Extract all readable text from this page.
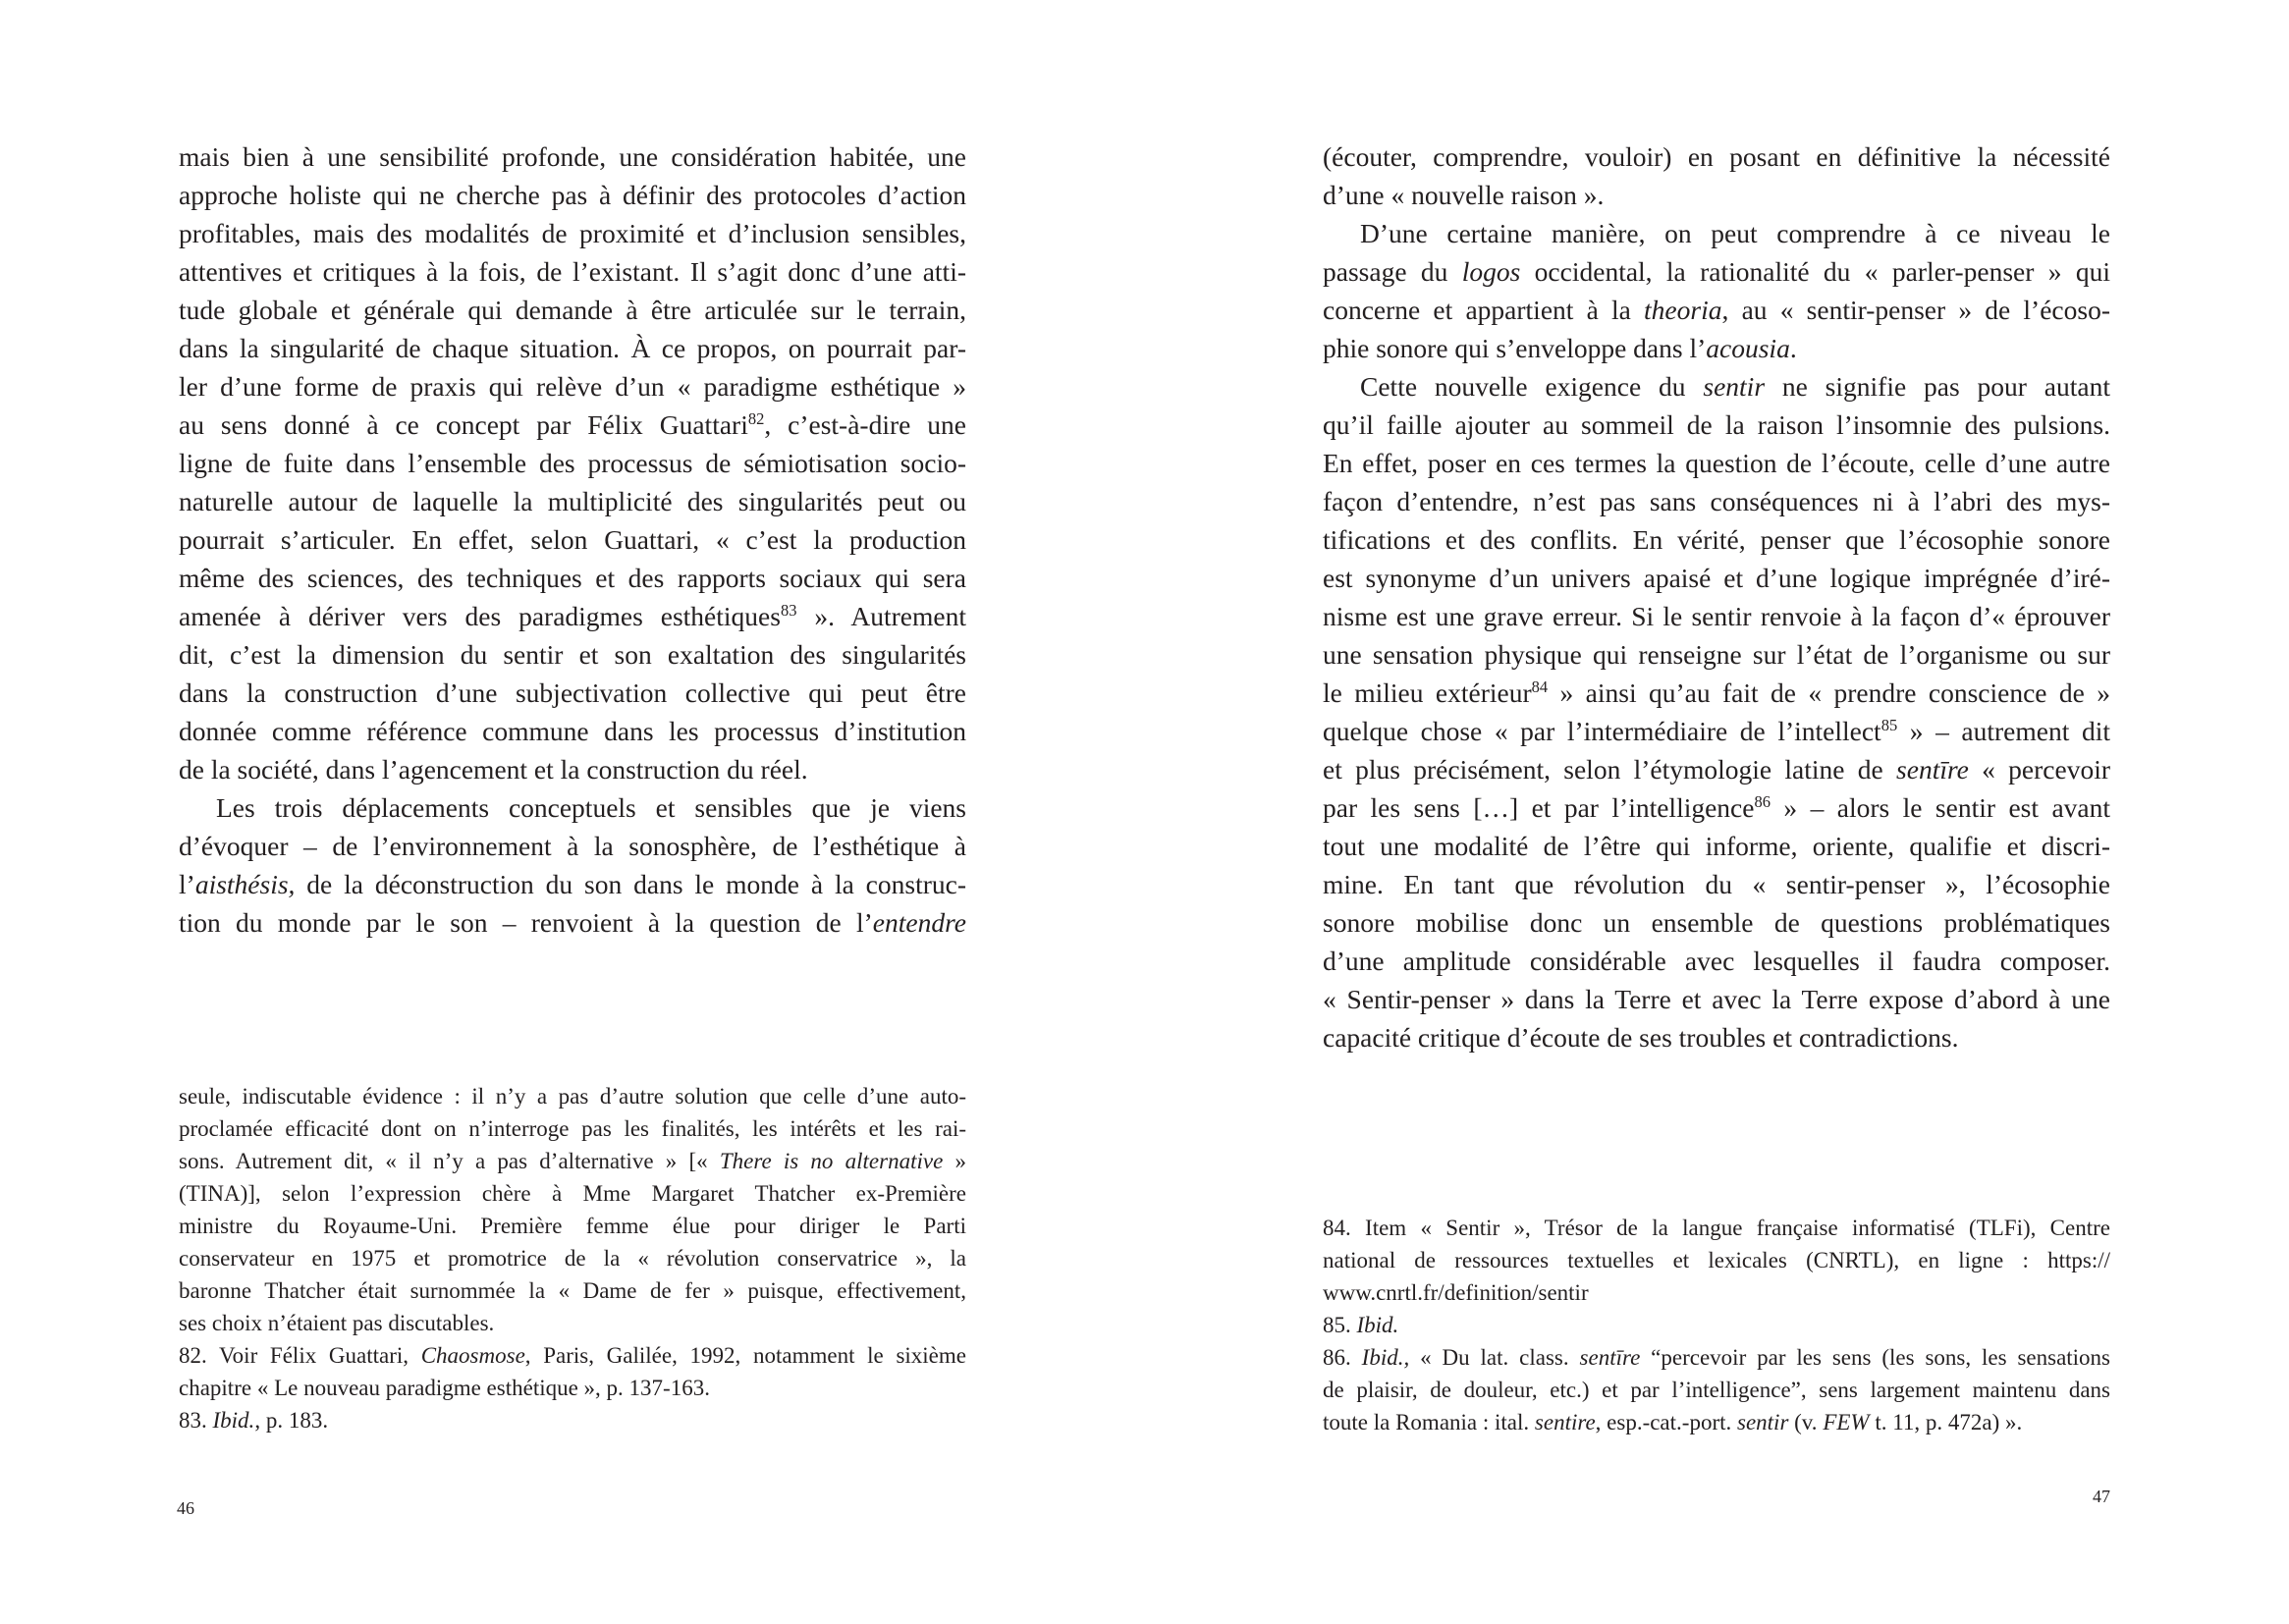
mais bien à une sensibilité profonde, une considération habitée, une
approche holiste qui ne cherche pas à définir des protocoles d’action
profitables, mais des modalités de proximité et d’inclusion sensibles,
attentives et critiques à la fois, de l’existant. Il s’agit donc d’une atti-
tude globale et générale qui demande à être articulée sur le terrain,
dans la singularité de chaque situation. À ce propos, on pourrait par-
ler d’une forme de praxis qui relève d’un « paradigme esthétique »
au sens donné à ce concept par Félix Guattari$^{82}$, c’est-à-dire une
ligne de fuite dans l’ensemble des processus de sémiotisation socio-
naturelle autour de laquelle la multiplicité des singularités peut ou
pourrait s’articuler. En effet, selon Guattari, « c’est la production
même des sciences, des techniques et des rapports sociaux qui sera
amenée à dériver vers des paradigmes esthétiques$^{83}$ ». Autrement
dit, c’est la dimension du sentir et son exaltation des singularités
dans la construction d’une subjectivation collective qui peut être
donnée comme référence commune dans les processus d’institution
de la société, dans l’agencement et la construction du réel.
Les trois déplacements conceptuels et sensibles que je viens
d’évoquer – de l’environnement à la sonosphère, de l’esthétique à
l’aisthésis, de la déconstruction du son dans le monde à la construc-
tion du monde par le son – renvoient à la question de l’entendre
seule, indiscutable évidence : il n’y a pas d’autre solution que celle d’une auto-
proclamée efficacité dont on n’interroge pas les finalités, les intérêts et les rai-
sons. Autrement dit, « il n’y a pas d’alternative » [« There is no alternative »
(TINA)], selon l’expression chère à Mme Margaret Thatcher ex-Première
ministre du Royaume-Uni. Première femme élue pour diriger le Parti
conservateur en 1975 et promotrice de la « révolution conservatrice », la
baronne Thatcher était surnommée la « Dame de fer » puisque, effectivement,
ses choix n’étaient pas discutables.
82. Voir Félix Guattari, Chaosmose, Paris, Galilée, 1992, notamment le sixième
chapitre « Le nouveau paradigme esthétique », p. 137-163.
83. Ibid., p. 183.
46
(écouter, comprendre, vouloir) en posant en définitive la nécessité
d’une « nouvelle raison ».
D’une certaine manière, on peut comprendre à ce niveau le
passage du logos occidental, la rationalité du « parler-penser » qui
concerne et appartient à la theoria, au « sentir-penser » de l’écoso-
phie sonore qui s’enveloppe dans l’acousia.
Cette nouvelle exigence du sentir ne signifie pas pour autant
qu’il faille ajouter au sommeil de la raison l’insomnie des pulsions.
En effet, poser en ces termes la question de l’écoute, celle d’une autre
façon d’entendre, n’est pas sans conséquences ni à l’abri des mys-
tifications et des conflits. En vérité, penser que l’écosophie sonore
est synonyme d’un univers apaisé et d’une logique imprégnée d’iré-
nisme est une grave erreur. Si le sentir renvoie à la façon d’« éprouver
une sensation physique qui renseigne sur l’état de l’organisme ou sur
le milieu extérieur$^{84}$ » ainsi qu’au fait de « prendre conscience de »
quelque chose « par l’intermédiaire de l’intellect$^{85}$ » – autrement dit
et plus précisément, selon l’étymologie latine de sentīre « percevoir
par les sens […] et par l’intelligence$^{86}$ » – alors le sentir est avant
tout une modalité de l’être qui informe, oriente, qualifie et discri-
mine. En tant que révolution du « sentir-penser », l’écosophie
sonore mobilise donc un ensemble de questions problématiques
d’une amplitude considérable avec lesquelles il faudra composer.
« Sentir-penser » dans la Terre et avec la Terre expose d’abord à une
capacité critique d’écoute de ses troubles et contradictions.
84. Item « Sentir », Trésor de la langue française informatisé (TLFi), Centre
national de ressources textuelles et lexicales (CNRTL), en ligne : https://
www.cnrtl.fr/definition/sentir
85. Ibid.
86. Ibid., « Du lat. class. sentīre “percevoir par les sens (les sons, les sensations
de plaisir, de douleur, etc.) et par l’intelligence”, sens largement maintenu dans
toute la Romania : ital. sentire, esp.-cat.-port. sentir (v. FEW t. 11, p. 472a) ».
47
